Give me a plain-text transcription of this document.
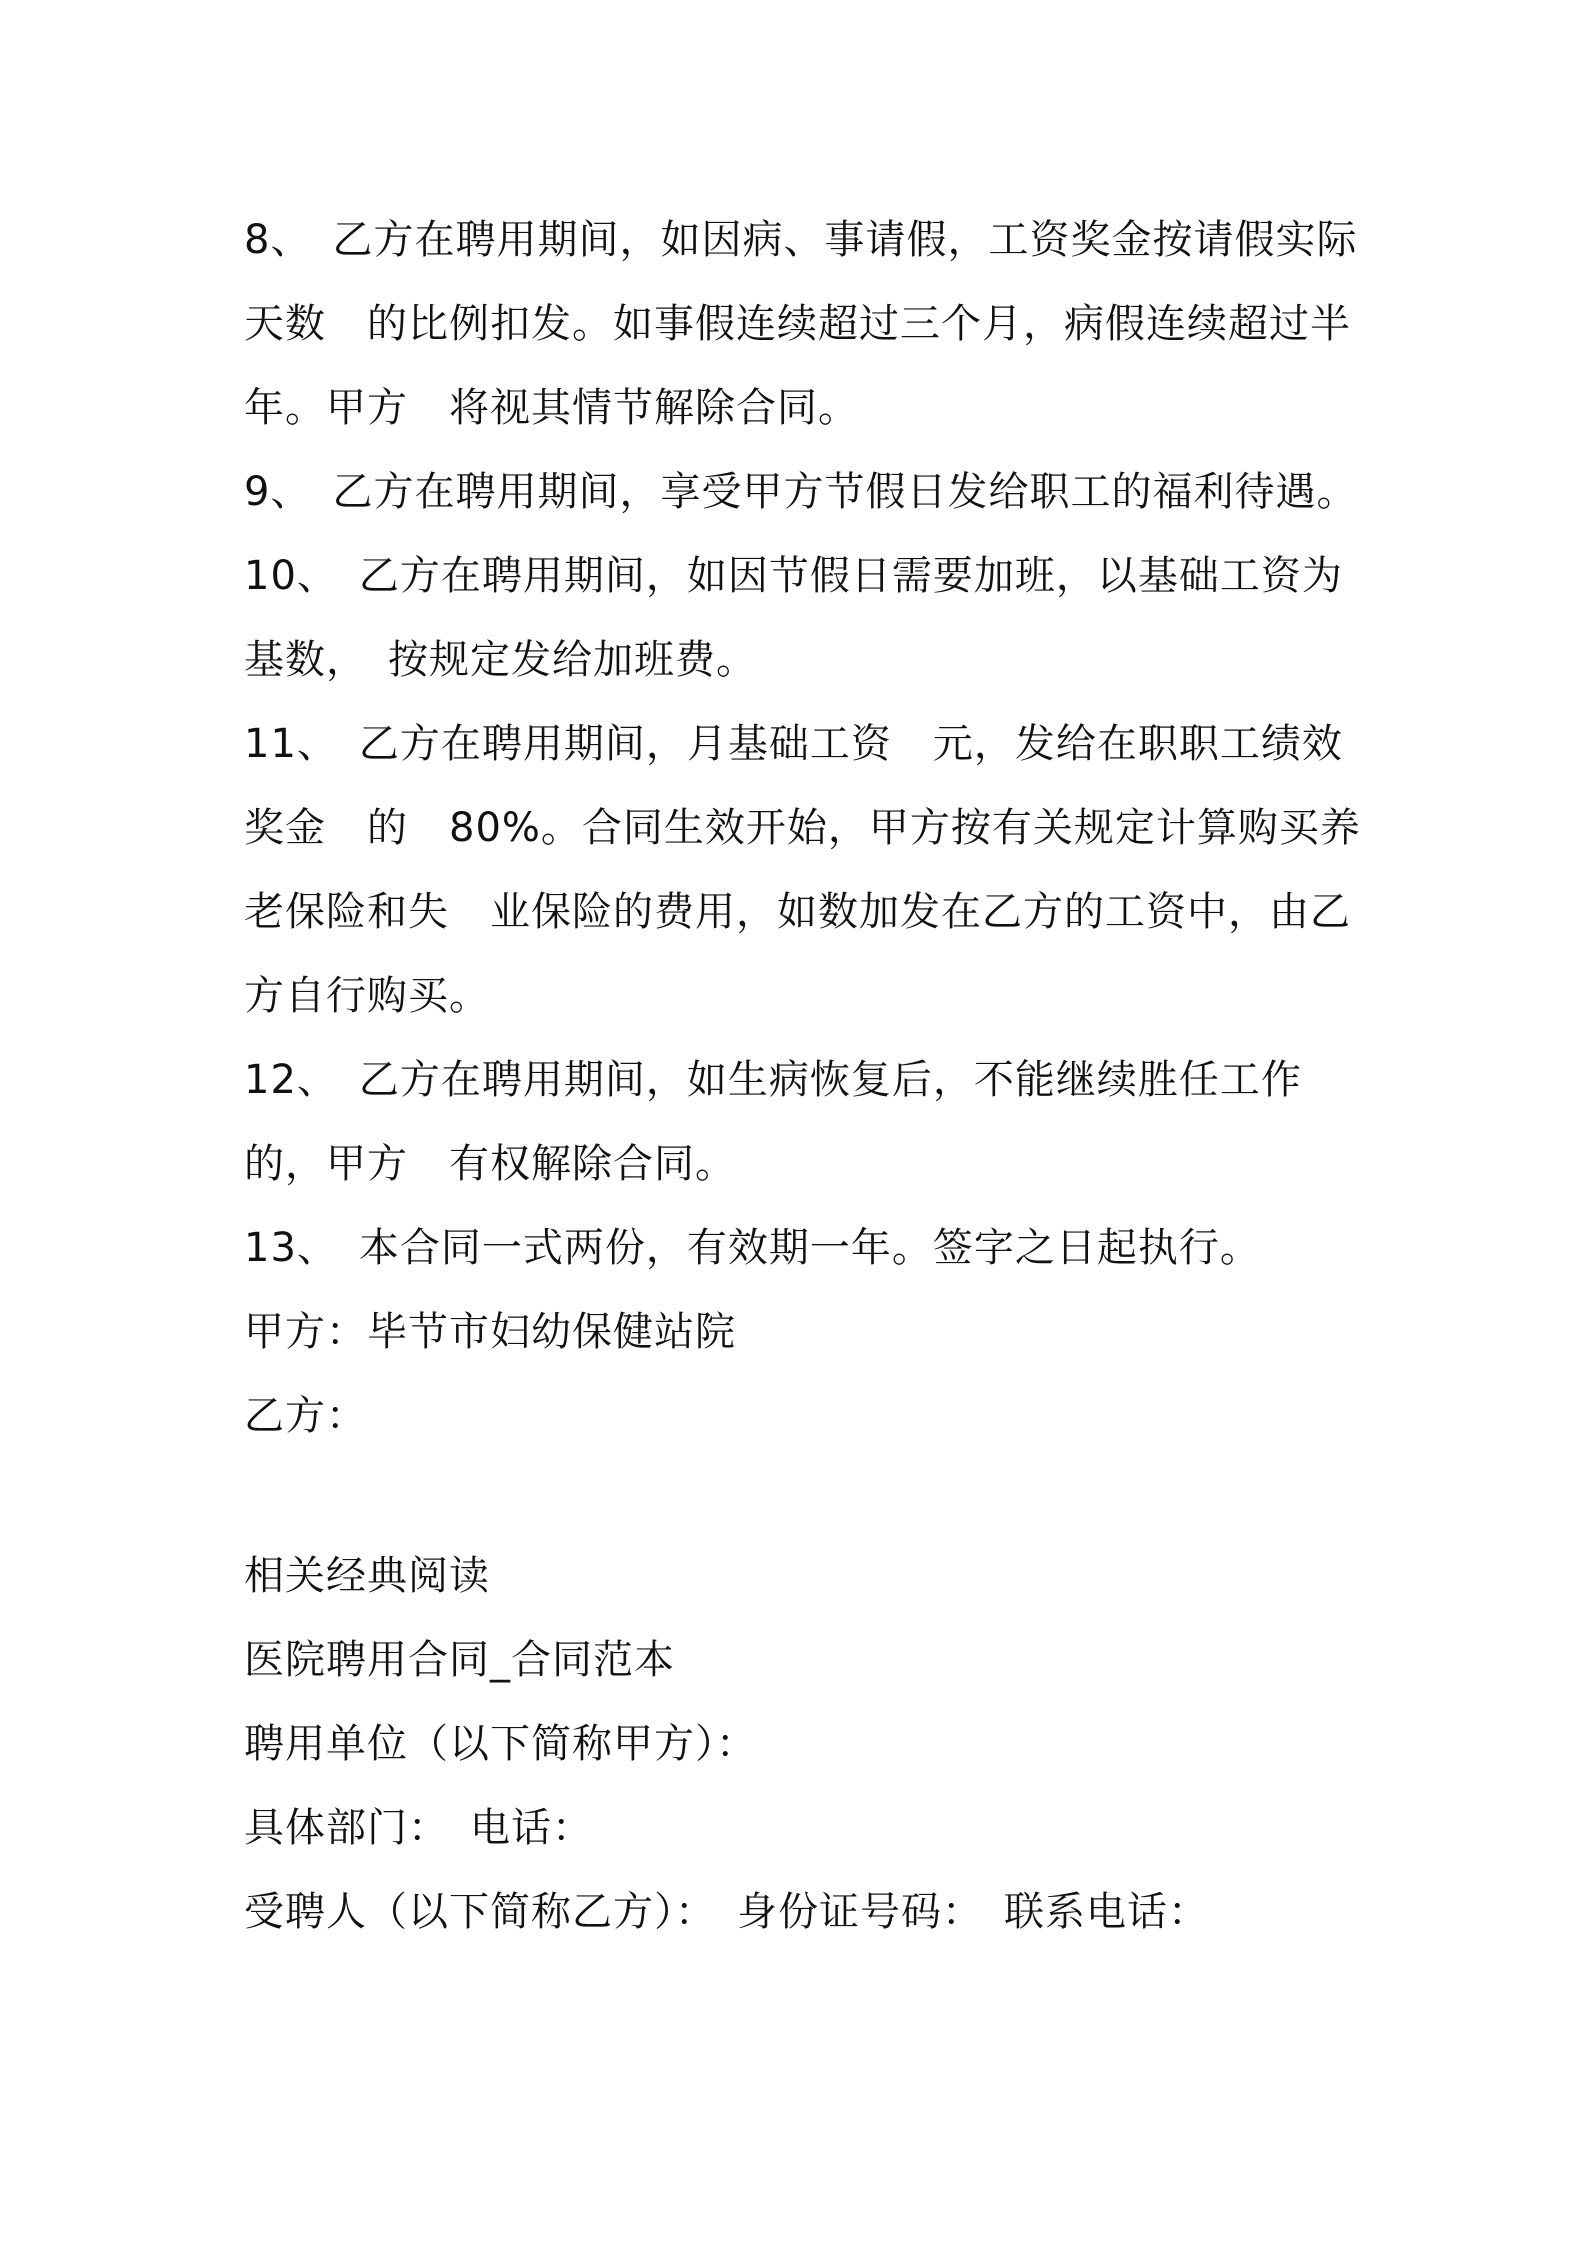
8、　乙方在聘用期间，如因病、事请假，工资奖金按请假实际天数　的比例扣发。如事假连续超过三个月，病假连续超过半年。甲方　将视其情节解除合同。

9、　乙方在聘用期间，享受甲方节假日发给职工的福利待遇。

10、　乙方在聘用期间，如因节假日需要加班，以基础工资为基数，　按规定发给加班费。

11、　乙方在聘用期间，月基础工资　元，发给在职职工绩效奖金　的　80%。合同生效开始，甲方按有关规定计算购买养老保险和失　业保险的费用，如数加发在乙方的工资中，由乙方自行购买。

12、　乙方在聘用期间，如生病恢复后，不能继续胜任工作的，甲方　有权解除合同。

13、　本合同一式两份，有效期一年。签字之日起执行。

甲方：毕节市妇幼保健站院

乙方：

相关经典阅读

医院聘用合同_合同范本

聘用单位（以下简称甲方）：

具体部门：　电话：

受聘人（以下简称乙方）：　身份证号码：　联系电话：
